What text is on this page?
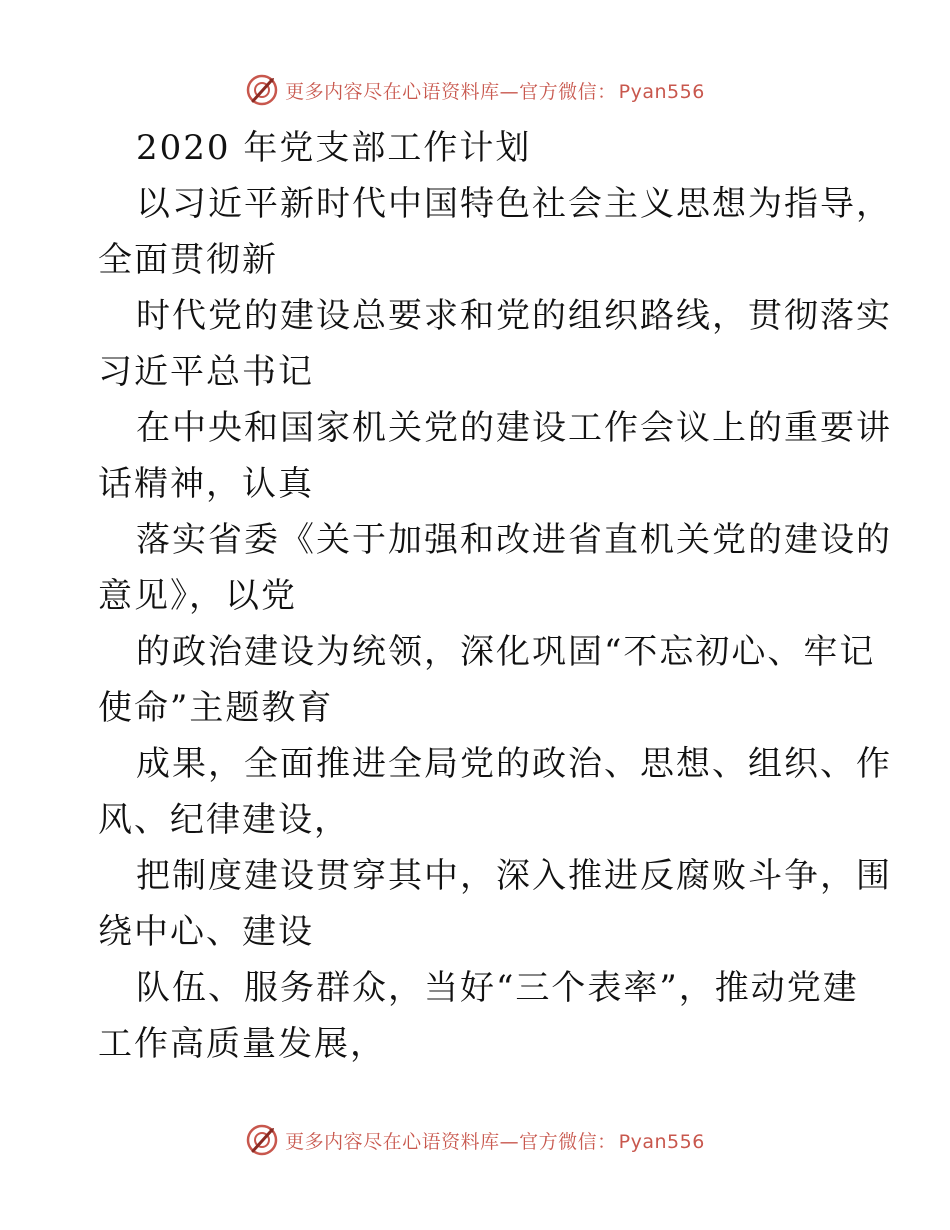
更多内容尽在心语资料库—官方微信： Pyan556
2020 年党支部工作计划
以习近平新时代中国特色社会主义思想为指导，
全面贯彻新
时代党的建设总要求和党的组织路线，贯彻落实
习近平总书记
在中央和国家机关党的建设工作会议上的重要讲
话精神，认真
落实省委《关于加强和改进省直机关党的建设的
意见》，以党
的政治建设为统领，深化巩固“不忘初心、牢记
使命”主题教育
成果，全面推进全局党的政治、思想、组织、作
风、纪律建设，
把制度建设贯穿其中，深入推进反腐败斗争，围
绕中心、建设
队伍、服务群众，当好“三个表率”，推动党建
工作高质量发展，
更多内容尽在心语资料库—官方微信： Pyan556
